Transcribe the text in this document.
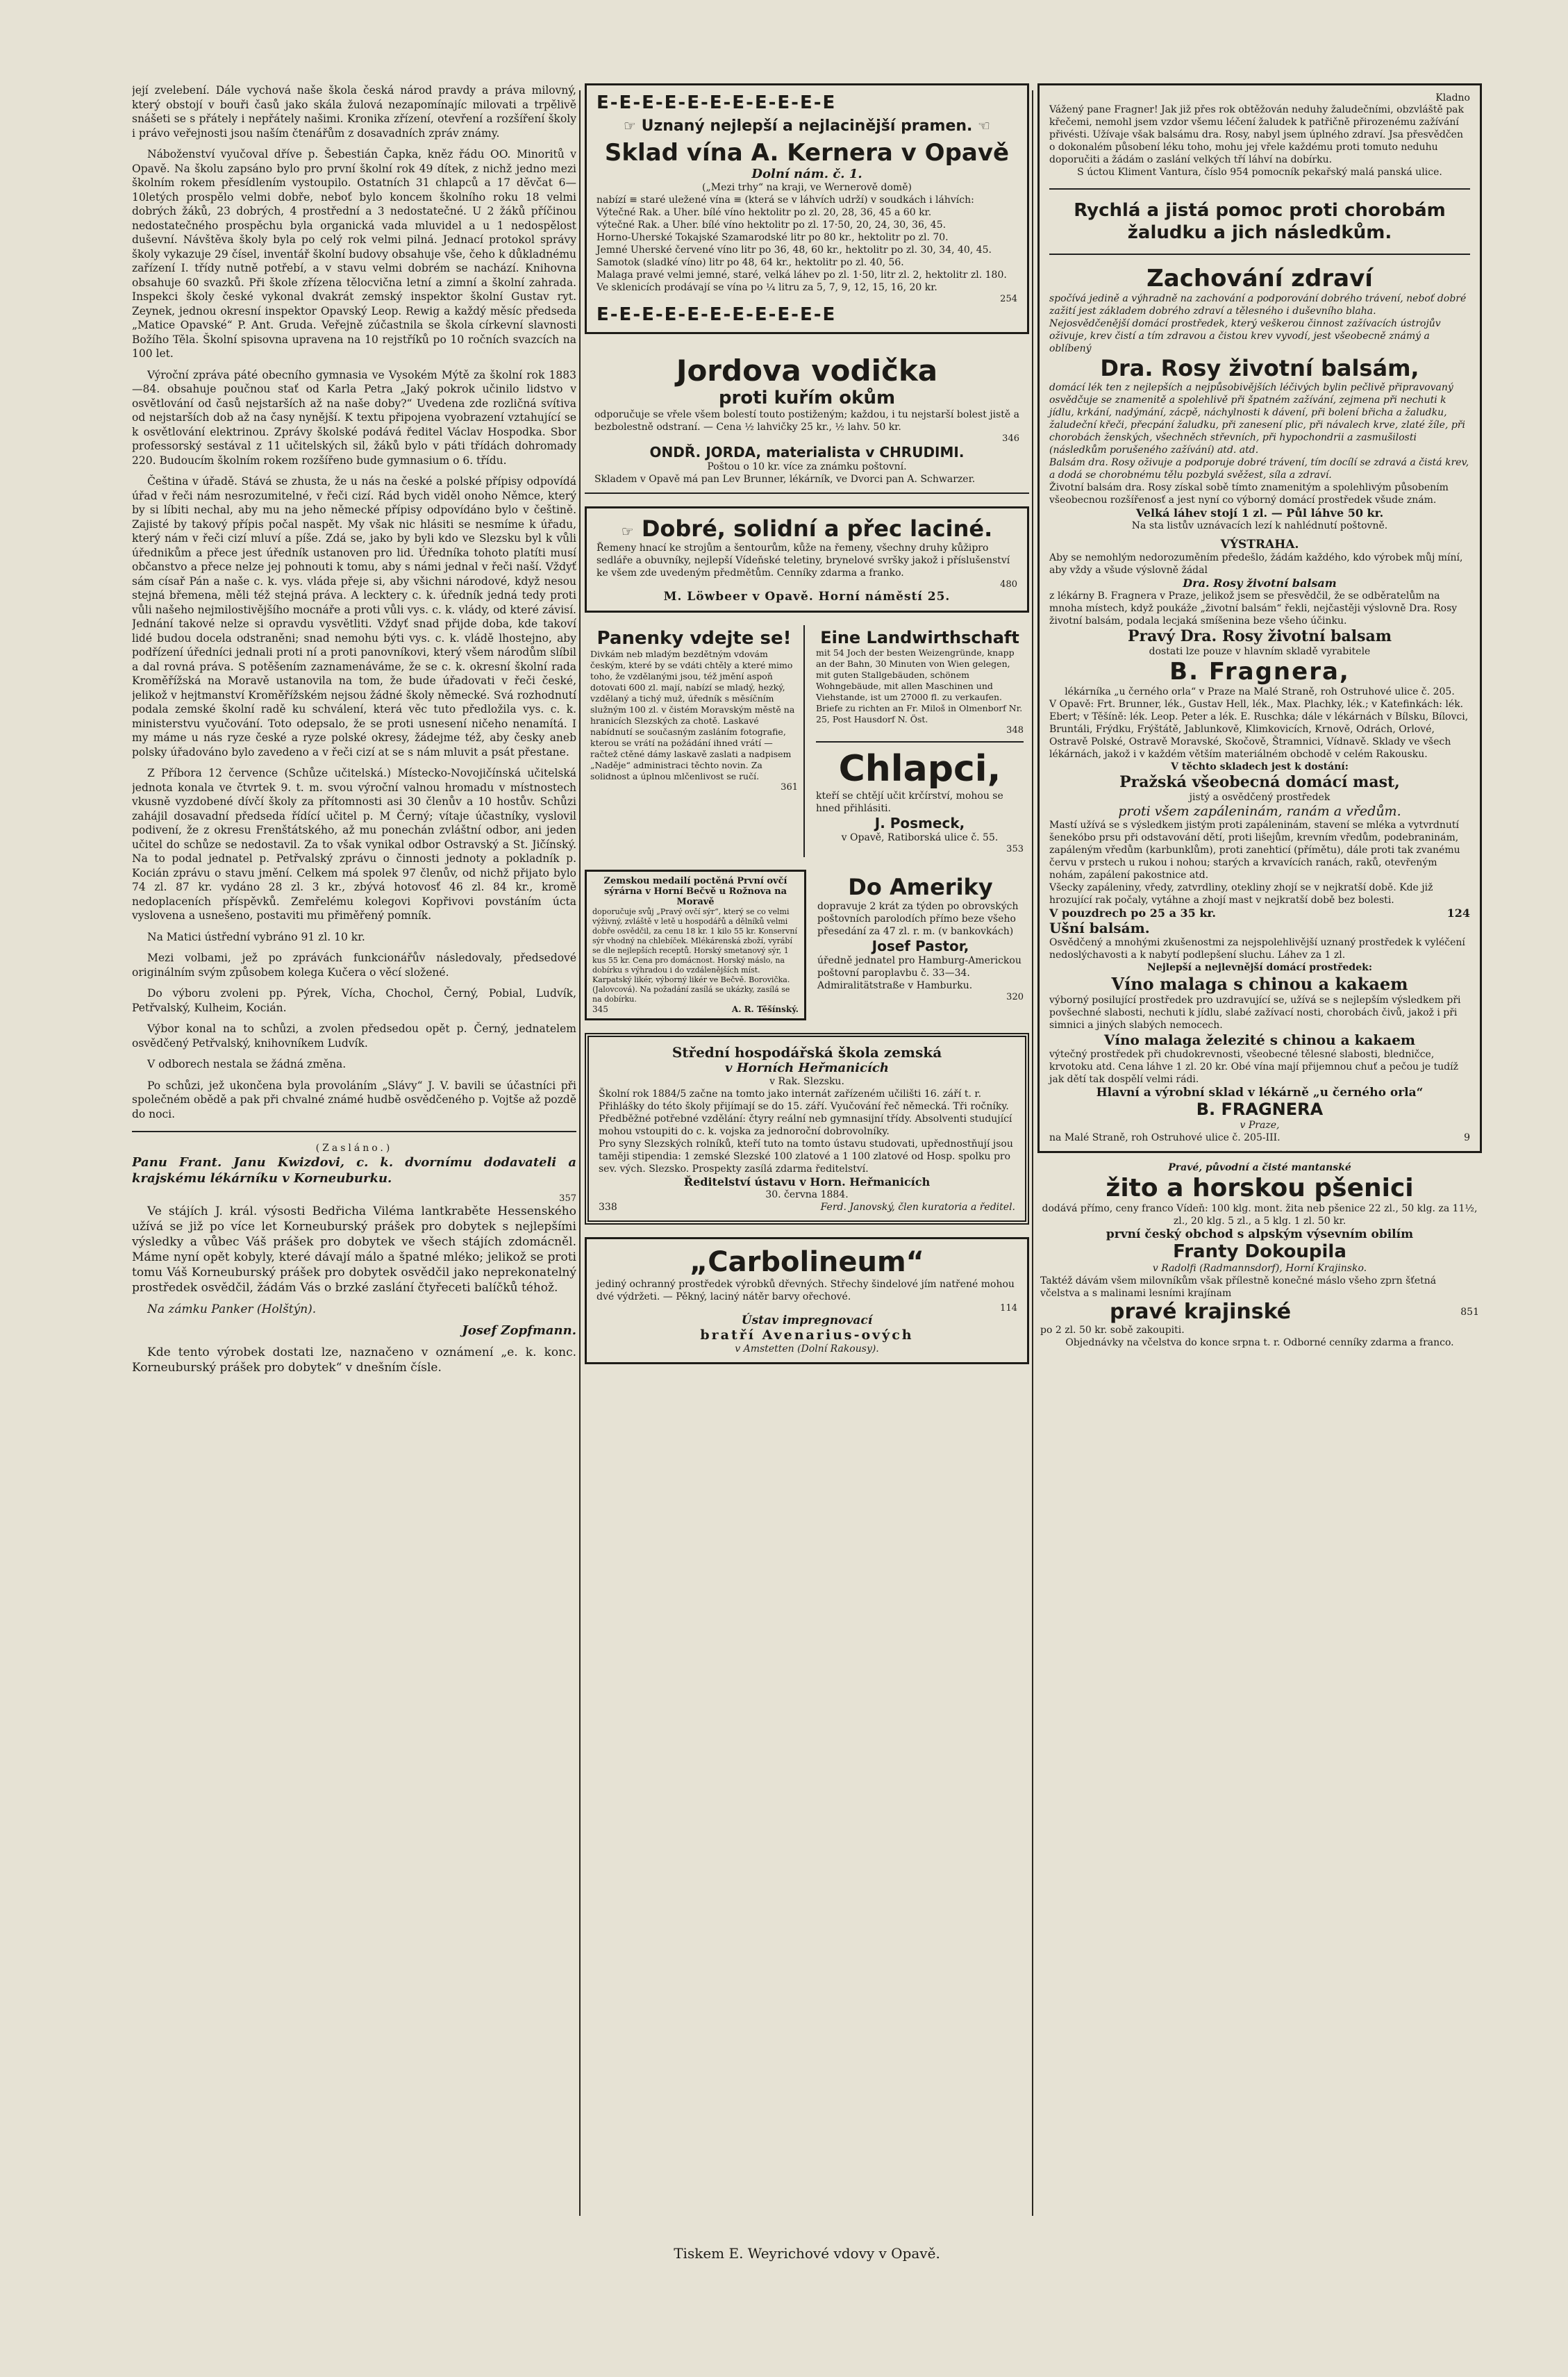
její zvelebení. Dále vychová naše škola česká národ pravdy a práva milovný, který obstojí v bouři časů jako skála žulová nezapomínajíc milovati a trpělivě snášeti se s přátely i nepřátely našimi. Kronika zřízení, otevření a rozšíření školy i právo veřejnosti jsou naším čtenářům z dosavadních zpráv známy.

Náboženství vyučoval dříve p. Šebestián Čapka, kněz řádu OO. Minoritů v Opavě. Na školu zapsáno bylo pro první školní rok 49 dítek, z nichž jedno mezi školním rokem přesídlením vystoupilo. Ostatních 31 chlapců a 17 děvčat 6—10letých prospělo velmi dobře, neboť bylo koncem školního roku 18 velmi dobrých žáků, 23 dobrých, 4 prostřední a 3 nedostatečné. U 2 žáků příčinou nedostatečného prospěchu byla organická vada mluvidel a u 1 nedospělost duševní. Návštěva školy byla po celý rok velmi pilná. Jednací protokol správy školy vykazuje 29 čísel, inventář školní budovy obsahuje vše, čeho k důkladnému zařízení I. třídy nutně potřebí, a v stavu velmi dobrém se nachází. Knihovna obsahuje 60 svazků. Při škole zřízena tělocvična letní a zimní a školní zahrada. Inspekci školy české vykonal dvakrát zemský inspektor školní Gustav ryt. Zeynek, jednou okresní inspektor Opavský Leop. Rewig a každý měsíc předseda „Matice Opavské“ P. Ant. Gruda. Veřejně zúčastnila se škola církevní slavnosti Božího Těla. Školní spisovna upravena na 10 rejstříků po 10 ročních svazcích na 100 let.

Výroční zpráva páté obecního gymnasia ve Vysokém Mýtě za školní rok 1883—84. obsahuje poučnou stať od Karla Petra „Jaký pokrok učinilo lidstvo v osvětlování od časů nejstarších až na naše doby?“ Uvedena zde rozličná svítiva od nejstarších dob až na časy nynější. K textu připojena vyobrazení vztahující se k osvětlování elektrinou. Zprávy školské podává ředitel Václav Hospodka. Sbor professorský sestával z 11 učitelských sil, žáků bylo v páti třídách dohromady 220. Budoucím školním rokem rozšířeno bude gymnasium o 6. třídu.

Čeština v úřadě. Stává se zhusta, že u nás na české a polské přípisy odpovídá úřad v řeči nám nesrozumitelné, v řeči cizí. Rád bych viděl onoho Němce, který by si líbiti nechal, aby mu na jeho německé přípisy odpovídáno bylo v češtině. Zajisté by takový přípis počal naspět. My však nic hlásiti se nesmíme k úřadu, který nám v řeči cizí mluví a píše. Zdá se, jako by byli kdo ve Slezsku byl k vůli úřednikům a přece jest úředník ustanoven pro lid. Úředníka tohoto platíti musí občanstvo a přece nelze jej pohnouti k tomu, aby s námi jednal v řeči naší. Vždyť sám císař Pán a naše c. k. vys. vláda přeje si, aby všichni národové, když nesou stejná břemena, měli též stejná práva. A lecktery c. k. úředník jedná tedy proti vůli našeho nejmilostivějšího mocnáře a proti vůli vys. c. k. vlády, od které závisí. Jednání takové nelze si opravdu vysvětliti. Vždyť snad přijde doba, kde takoví lidé budou docela odstraněni; snad nemohu býti vys. c. k. vládě lhostejno, aby podřízení úředníci jednali proti ní a proti panovníkovi, který všem národům slíbil a dal rovná práva. S potěšením zaznamenáváme, že se c. k. okresní školní rada Kroměřížská na Moravě ustanovila na tom, že bude úřadovati v řeči české, jelikož v hejtmanství Kroměřížském nejsou žádné školy německé. Svá rozhodnutí podala zemské školní radě ku schválení, která věc tuto předložila vys. c. k. ministerstvu vyučování. Toto odepsalo, že se proti usnesení ničeho nenamítá. I my máme u nás ryze české a ryze polské okresy, žádejme též, aby česky aneb polsky úřadováno bylo zavedeno a v řeči cizí at se s nám mluvit a psát přestane.

Z Příbora 12 července (Schůze učitelská.) Místecko-Novojičínská učitelská jednota konala ve čtvrtek 9. t. m. svou výroční valnou hromadu v místnostech vkusně vyzdobené dívčí školy za přítomnosti asi 30 členův a 10 hostův. Schůzi zahájil dosavadní předseda řídící učitel p. M Černý; vítaje účastníky, vyslovil podivení, že z okresu Frenštátského, až mu ponechán zvláštní odbor, ani jeden učitel do schůze se nedostavil. Za to však vynikal odbor Ostravský a St. Jičínský. Na to podal jednatel p. Petřvalský zprávu o činnosti jednoty a pokladník p. Kocián zprávu o stavu jmění. Celkem má spolek 97 členův, od nichž přijato bylo 74 zl. 87 kr. vydáno 28 zl. 3 kr., zbývá hotovosť 46 zl. 84 kr., kromě nedoplaceních příspěvků. Zemřelému kolegovi Kopřivovi povstáním úcta vyslovena a usnešeno, postaviti mu přiměřený pomník.

Na Matici ústřední vybráno 91 zl. 10 kr.

Mezi volbami, jež po zprávách funkcionářův následovaly, předsedové originálním svým způsobem kolega Kučera o věcí složené.

Do výboru zvoleni pp. Pýrek, Vícha, Chochol, Černý, Pobial, Ludvík, Petřvalský, Kulheim, Kocián.

Výbor konal na to schůzi, a zvolen předsedou opět p. Černý, jednatelem osvědčený Petřvalský, knihovníkem Ludvík.

V odborech nestala se žádná změna.

Po schůzi, jež ukončena byla provoláním „Slávy“ J. V. bavili se účastníci při společném obědě a pak při chvalné známé hudbě osvědčeného p. Vojtše až pozdě do noci.

(Zasláno.)

Panu Frant. Janu Kwizdovi, c. k. dvornímu dodavateli a krajskému lékárníku v Korneuburku.

357

Ve stájích J. král. výsosti Bedřicha Viléma lantkraběte Hessenského užívá se již po více let Korneuburský prášek pro dobytek s nejlepšími výsledky a vůbec Váš prášek pro dobytek ve všech stájích zdomácněl. Máme nyní opět kobyly, které dávají málo a špatné mléko; jelikož se proti tomu Váš Korneuburský prášek pro dobytek osvědčil jako neprekonatelný prostředek osvědčil, žádám Vás o brzké zaslání čtyřeceti balíčků téhož.

Na zámku Panker (Holštýn).

Josef Zopfmann.

Kde tento výrobek dostati lze, naznačeno v oznámení „e. k. konc. Korneuburský prášek pro dobytek“ v dnešním čísle.

E-E-E-E-E-E-E-E-E-E-E
☞ Uznaný nejlepší a nejlacinější pramen. ☜
Sklad vína A. Kernera v Opavě
Dolní nám. č. 1.
(„Mezi trhy“ na kraji, ve Wernerově domě)
nabízí ≡ staré uležené vína ≡ (která se v láhvích udrží) v soudkách i láhvích:
Výtečné Rak. a Uher. bílé víno hektolitr po zl. 20, 28, 36, 45 a 60 kr.
výtečné Rak. a Uher. bílé víno hektolitr po zl. 17·50, 20, 24, 30, 36, 45.
Horno-Uherské Tokajské Szamarodské litr po 80 kr., hektolitr po zl. 70.
Jemné Uherské červené víno litr po 36, 48, 60 kr., hektolitr po zl. 30, 34, 40, 45.
Samotok (sladké víno) litr po 48, 64 kr., hektolitr po zl. 40, 56.
Malaga pravé velmi jemné, staré, velká láhev po zl. 1·50, litr zl. 2, hektolitr zl. 180.
Ve sklenicích prodávají se vína po ¼ litru za 5, 7, 9, 12, 15, 16, 20 kr.
254
E-E-E-E-E-E-E-E-E-E-E
Jordova vodička
proti kuřím okům
odporučuje se vřele všem bolestí touto postiženým; každou, i tu nejstarší bolest jistě a bezbolestně odstraní. — Cena ½ lahvičky 25 kr., ½ lahv. 50 kr.
346
ONDŘ. JORDA, materialista v CHRUDIMI.
Poštou o 10 kr. více za známku poštovní.
Skladem v Opavě má pan Lev Brunner, lékárník, ve Dvorci pan A. Schwarzer.
☞ Dobré, solidní a přec laciné.
Řemeny hnací ke strojům a šentourům, kůže na řemeny, všechny druhy kůžipro sedláře a obuvníky, nejlepší Vídeňské teletiny, brynelové svršky jakož i příslušenství ke všem zde uvedeným předmětům. Cenníky zdarma a franko.
480
M. Löwbeer v Opavě. Horní náměstí 25.
Panenky vdejte se!
Divkám neb mladým bezdětným vdovám českým, které by se vdáti chtěly a které mimo toho, že vzdělanými jsou, též jmění aspoň dotovati 600 zl. mají, nabízí se mladý, hezký, vzdělaný a tichý muž, úředník s měsíčním služným 100 zl. v čistém Moravským městě na hranicích Slezských za chotě. Laskavé nabídnutí se současným zasláním fotografie, kterou se vrátí na požádání ihned vrátí — račtež ctěné dámy laskavě zaslati a nadpisem „Naděje“ administraci těchto novin. Za solidnost a úplnou mlčenlivost se ručí.
361
Eine Landwirthschaft
mit 54 Joch der besten Weizengründe, knapp an der Bahn, 30 Minuten von Wien gelegen, mit guten Stallgebäuden, schönem Wohngebäude, mit allen Maschinen und Viehstande, ist um 27000 fl. zu verkaufen. Briefe zu richten an Fr. Miloš in Olmenborf Nr. 25, Post Hausdorf N. Öst.
348
Chlapci,
kteří se chtějí učit krčírství, mohou se hned přihlásiti.
J. Posmeck,
v Opavě, Ratiborská ulice č. 55.
353
Zemskou medailí poctěná První ovčí sýrárna v Horní Bečvě u Rožnova na Moravě
doporučuje svůj „Pravý ovčí sýr“, který se co velmi výživný, zvláště v letě u hospodářů a dělníků velmi dobře osvědčil, za cenu 18 kr. 1 kilo 55 kr. Konservní sýr vhodný na chlebíček. Mlékárenská zboží, vyrábí se dle nejlepších receptů. Horský smetanový sýr, 1 kus 55 kr. Cena pro domácnost. Horský máslo, na dobírku s výhradou i do vzdálenějších míst. Karpatský likér, výborný likér ve Bečvě. Borovička. (Jalovcová). Na požadání zasílá se ukázky, zasílá se na dobírku.
345	A. R. Těšínský.
Do Ameriky
dopravuje 2 krát za týden po obrovských poštovních parolodích přímo beze všeho přesedání za 47 zl. r. m. (v bankovkách)
Josef Pastor,
úředně jednatel pro Hamburg-Americkou poštovní paroplavbu č. 33—34. Admiralitätstraße v Hamburku.
320
Střední hospodářská škola zemská
v Horních Heřmanicích
v Rak. Slezsku.
Školní rok 1884/5 začne na tomto jako internát zařízeném učilišti 16. září t. r. Přihlášky do této školy přijímají se do 15. září. Vyučování řeč německá. Tři ročníky. Předběžné potřebné vzdělání: čtyry reální neb gymnasijní třídy. Absolventi studující mohou vstoupiti do c. k. vojska za jednoroční dobrovolníky.
Pro syny Slezských rolníků, kteří tuto na tomto ústavu studovati, upřednostňují jsou taměji stipendia: 1 zemské Slezské 100 zlatové a 1 100 zlatové od Hosp. spolku pro sev. vých. Slezsko. Prospekty zasílá zdarma ředitelství.
Ředitelství ústavu v Horn. Heřmanicích
30. června 1884.
338	Ferd. Janovský, člen kuratoria a ředitel.
„Carbolineum“
jediný ochranný prostředek výrobků dřevných. Střechy šindelové jím natřené mohou dvé výdržeti. — Pěkný, laciný nátěr barvy ořechové.
114
Ústav impregnovací
bratří Avenarius-ových
v Amstetten (Dolní Rakousy).
Tiskem E. Weyrichové vdovy v Opavě.
Kladno
Vážený pane Fragner! Jak již přes rok obtěžován neduhy žaludečními, obzvláště pak křečemi, nemohl jsem vzdor všemu léčení žaludek k patřičně přirozenému zažívání přivésti. Užívaje však balsámu dra. Rosy, nabyl jsem úplného zdraví. Jsa přesvědčen o dokonalém působení léku toho, mohu jej vřele každému proti tomuto neduhu doporučiti a žádám o zaslání velkých tří láhví na dobírku.
S úctou Kliment Vantura, číslo 954 pomocník pekařský malá panská ulice.
Rychlá a jistá pomoc proti chorobám žaludku a jich následkům.
Zachování zdraví
spočívá jedině a výhradně na zachování a podporování dobrého trávení, neboť dobré zažití jest základem dobrého zdraví a tělesného i duševního blaha.
Nejosvědčenější domácí prostředek, který veškerou činnost zažívacích ústrojův oživuje, krev čistí a tím zdravou a čistou krev vyvodí, jest všeobecně známý a oblíbený
Dra. Rosy životní balsám,
domácí lék ten z nejlepších a nejpůsobivějších léčivých bylin pečlivě připravovaný osvědčuje se znamenitě a spolehlivě při špatném zažívání, zejmena při nechuti k jídlu, krkání, nadýmání, zácpě, náchylnosti k dávení, při bolení břicha a žaludku, žaludeční křeči, přecpání žaludku, při zanesení plic, při návalech krve, zlaté žíle, při chorobách ženských, všechněch střevních, při hypochondrii a zasmušilosti (následkům porušeného zažívání) atd. atd.
Balsám dra. Rosy oživuje a podporuje dobré trávení, tím docílí se zdravá a čistá krev, a dodá se chorobnému tělu pozbylá svěžest, síla a zdraví.
Životní balsám dra. Rosy získal sobě tímto znamenitým a spolehlivým působením všeobecnou rozšířenosť a jest nyní co výborný domácí prostředek všude znám.
Velká láhev stojí 1 zl. — Půl láhve 50 kr.
Na sta listův uznávacích lezí k nahlédnutí poštovně.
VÝSTRAHA.
Aby se nemohlým nedorozuměním předešlo, žádám každého, kdo výrobek můj míní, aby vždy a všude výslovně žádal
Dra. Rosy životní balsam
z lékárny B. Fragnera v Praze, jelikož jsem se přesvědčil, že se odběratelům na mnoha místech, když poukáže „životní balsám“ řekli, nejčastěji výslovně Dra. Rosy životní balsám, podala lecjaká smíšenina beze všeho účinku.
Pravý Dra. Rosy životní balsam
dostati lze pouze v hlavním skladě vyrabitele
B. Fragnera,
lékárníka „u černého orla“ v Praze na Malé Straně, roh Ostruhové ulice č. 205.
V Opavě: Frt. Brunner, lék., Gustav Hell, lék., Max. Plachky, lék.; v Katefinkách: lék. Ebert; v Těšíně: lék. Leop. Peter a lék. E. Ruschka; dále v lékárnách v Bílsku, Bílovci, Bruntáli, Frýdku, Frýštátě, Jablunkově, Klimkovicích, Krnově, Odrách, Orlové, Ostravě Polské, Ostravě Moravské, Skočově, Štramnici, Vídnavě. Sklady ve všech lékárnách, jakož i v každém větším materiálném obchodě v celém Rakousku.
V těchto skladech jest k dostání:
Pražská všeobecná domácí mast,
jistý a osvědčený prostředek
proti všem zapáleninám, ranám a vředům.
Mastí užívá se s výsledkem jistým proti zapáleninám, stavení se mléka a vytvrdnutí šenekóbo prsu při odstavování dětí, proti lišejům, krevním vředům, podebraninám, zapáleným vředům (karbunklům), proti zanehticí (přímětu), dále proti tak zvanému červu v prstech u rukou i nohou; starých a krvavících ranách, raků, otevřeným nohám, zapálení pakostnice atd.
Všecky zapáleniny, vředy, zatvrdliny, otekliny zhojí se v nejkratší době. Kde již hrozující rak počaly, vytáhne a zhojí mast v nejkratší době bez bolesti.
V pouzdrech po 25 a 35 kr.	124
Ušní balsám.
Osvědčený a mnohými zkušenostmi za nejspolehlivější uznaný prostředek k vyléčení nedoslýchavosti a k nabytí podlepšení sluchu. Láhev za 1 zl.
Nejlepší a nejlevnější domácí prostředek:
Víno malaga s chinou a kakaem
výborný posilující prostředek pro uzdravující se, užívá se s nejlepším výsledkem při povšechné slabosti, nechuti k jídlu, slabé zažívací nosti, chorobách čivů, jakož i při simnici a jiných slabých nemocech.
Víno malaga železité s chinou a kakaem
výtečný prostředek při chudokrevnosti, všeobecné tělesné slabosti, bledničce, krvotoku atd. Cena láhve 1 zl. 20 kr. Obé vína mají přijemnou chuť a pečou je tudíž jak dětí tak dospělí velmi rádi.
Hlavní a výrobní sklad v lékárně „u černého orla“
B. FRAGNERA
v Praze,
na Malé Straně, roh Ostruhové ulice č. 205-III.	9
Pravé, původní a čisté mantanské
žito a horskou pšenici
dodává přímo, ceny franco Vídeň: 100 klg. mont. žita neb pšenice 22 zl., 50 klg. za 11½, zl., 20 klg. 5 zl., a 5 klg. 1 zl. 50 kr.
první český obchod s alpským výsevním obilím
Franty Dokoupila
v Radolfi (Radmannsdorf), Horní Krajinsko.
Taktéž dávám všem milovníkům však přílestně konečné máslo všeho zprn šťetná včelstva a s malinami lesními krajínam
pravé krajinské	851
po 2 zl. 50 kr. sobě zakoupiti.
Objednávky na včelstva do konce srpna t. r. Odborné cenníky zdarma a franco.
